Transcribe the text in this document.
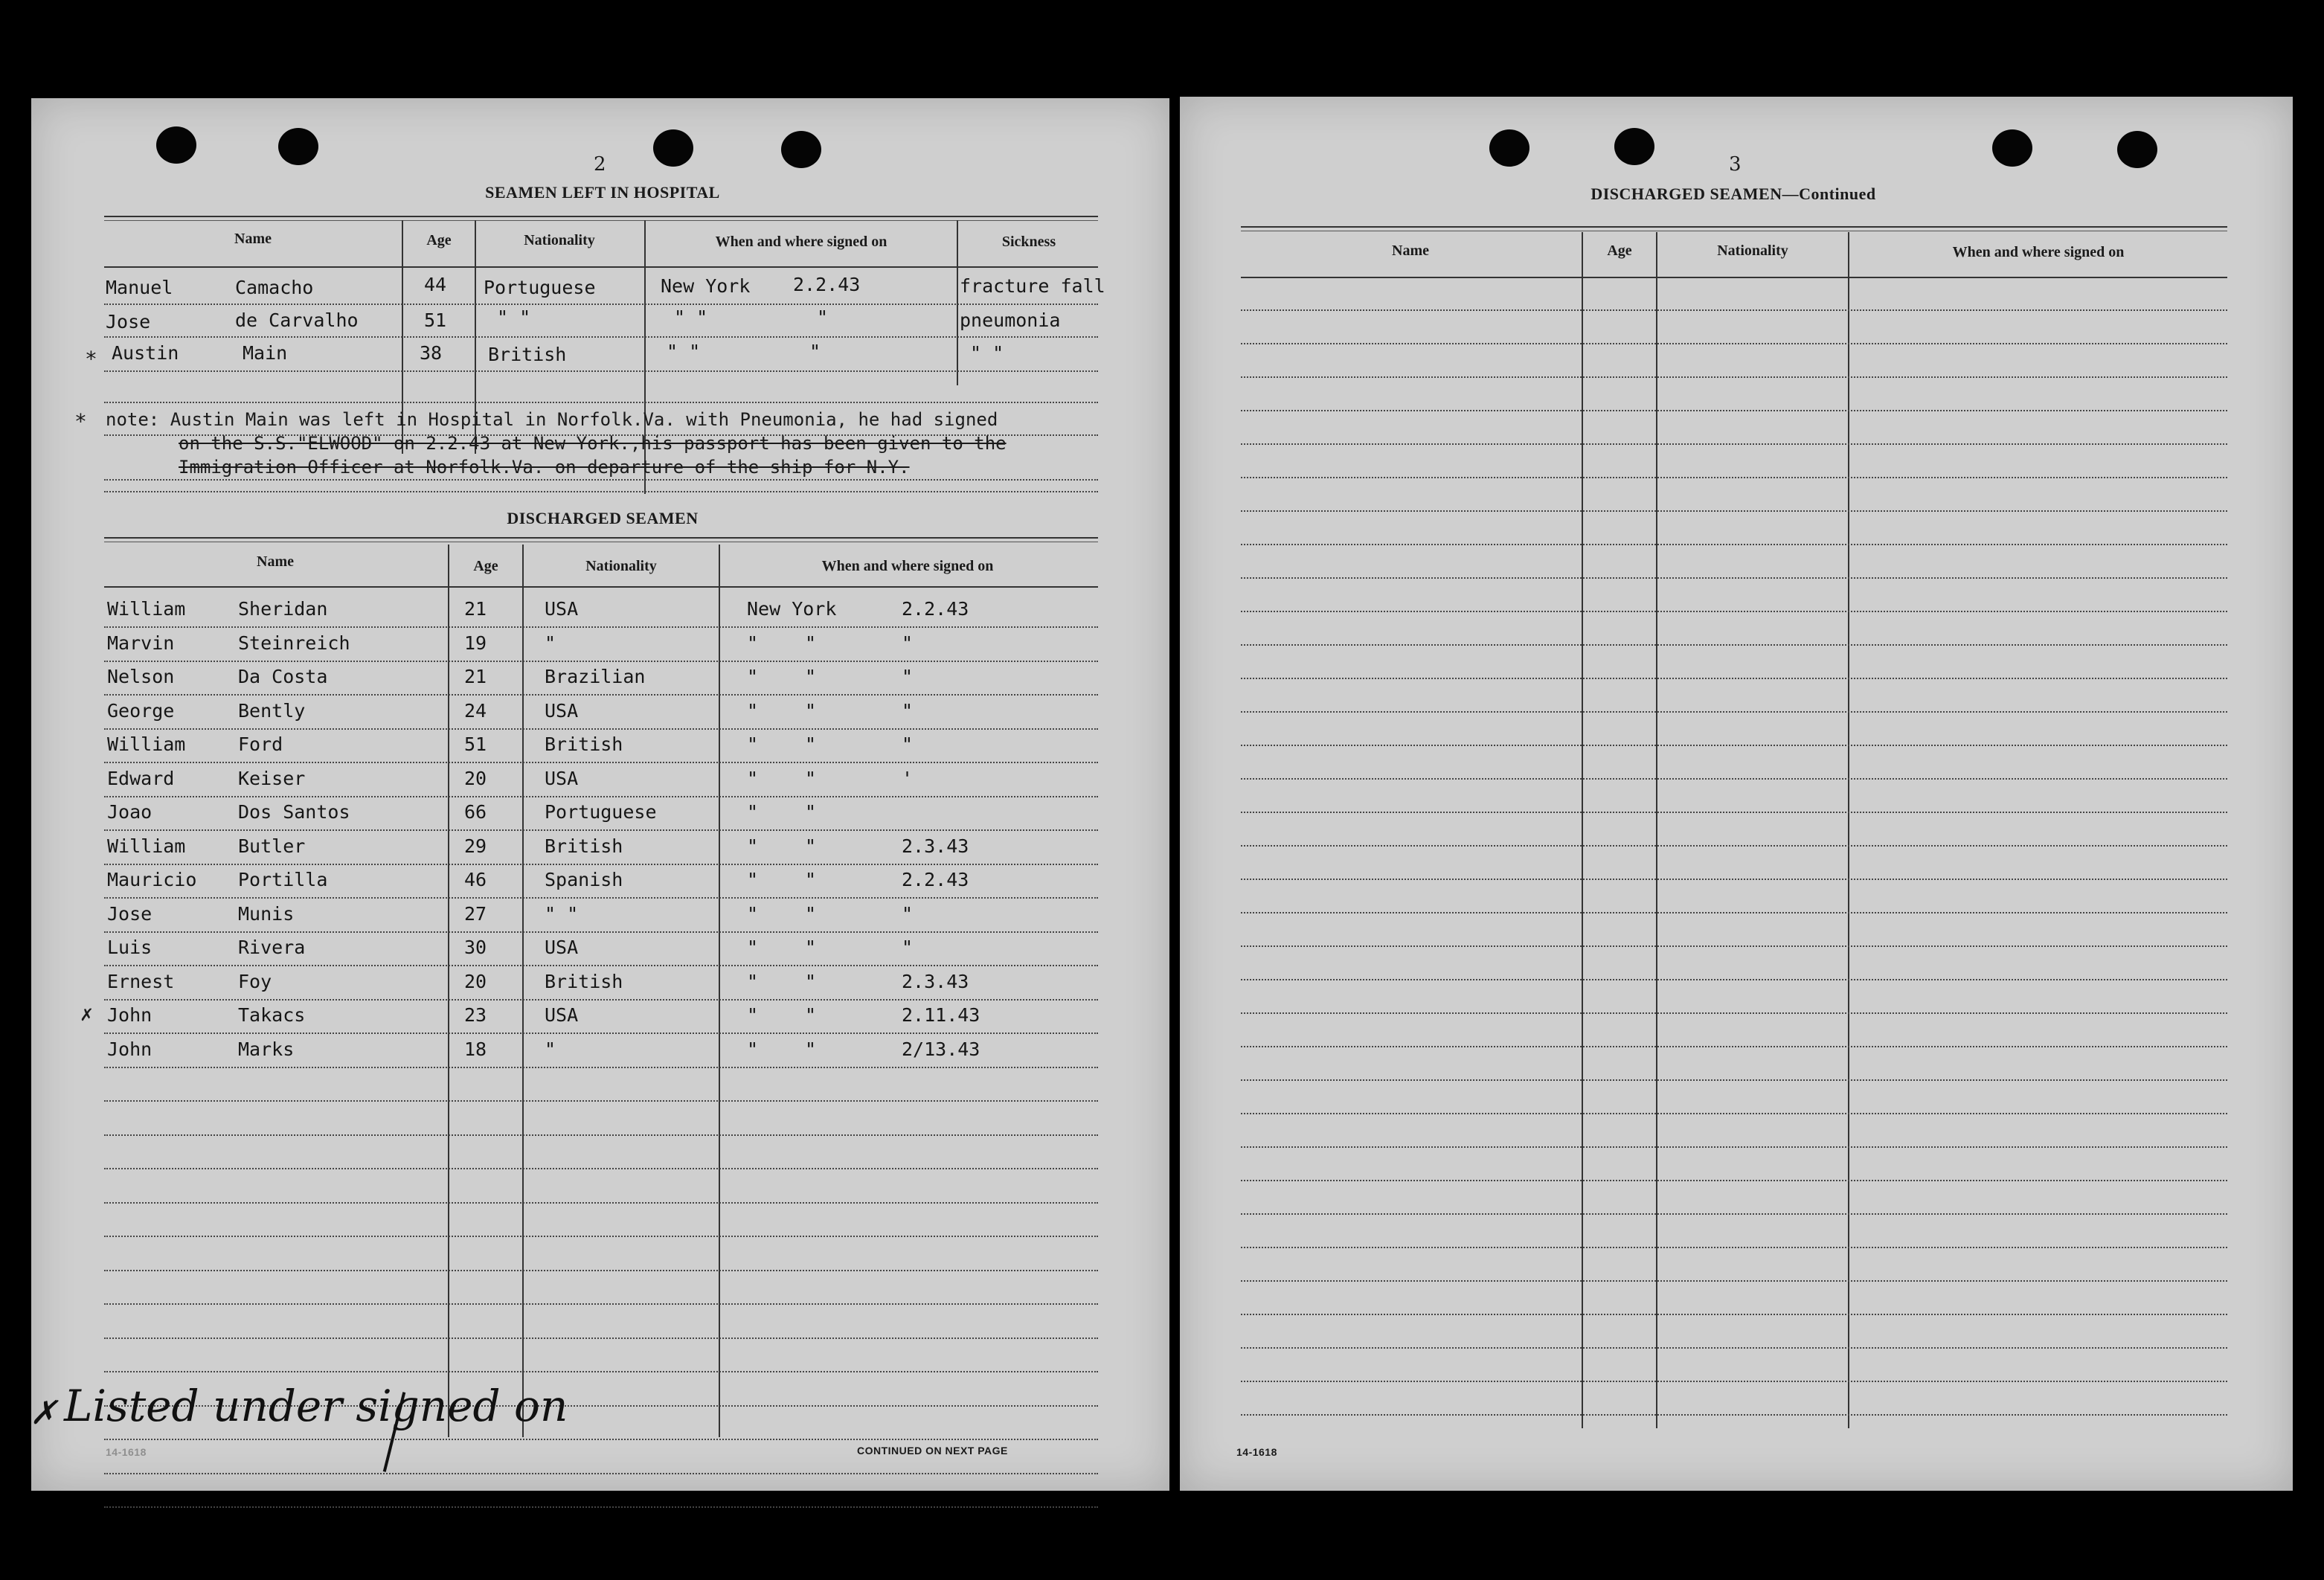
2
SEAMEN LEFT IN HOSPITAL
Name	Age	Nationality	When and where signed on	Sickness
Manuel	Camacho	44 Portuguese	New York 2.2.43	fracture fall
Jose	de Carvalho	51	" "	" "	"	pneumonia
* Austin	Main	38 British	" "	"	" "
* note: Austin Main was left in Hospital in Norfolk.Va. with Pneumonia, he had signed
on the S.S."ELWOOD" on 2.2.43 at New York.,his passport has been given to the
Immigration Officer at Norfolk.Va. on departure of the ship for N.Y.
DISCHARGED SEAMEN
Name	Age	Nationality	When and where signed on
William	Sheridan	21	USA	New York	2.2.43
Marvin	Steinreich	19	"	"	"	"
Nelson	Da Costa	21	Brazilian	"	"	"
George	Bently	24	USA	"	"	"
William	Ford	51	British	"	"	"
Edward	Keiser	20	USA	"	"	'
Joao	Dos Santos	66	Portuguese	"	"
William	Butler	29	British	"	"	2.3.43
Mauricio Portilla	46	Spanish	"	"	2.2.43
Jose	Munis	27	" "	"	"	"
Luis	Rivera	30	USA	"	"	"
Ernest	Foy	20	British	"	"	2.3.43
John	Takacs	23	USA	"	"	2.11.43
✗
John	Marks	18	"	"	"	2/13.43
CONTINUED ON NEXT PAGE
14-1618
✗ Listed under signed on
3
DISCHARGED SEAMEN—Continued
Name	Age	Nationality	When and where signed on
14-1618
